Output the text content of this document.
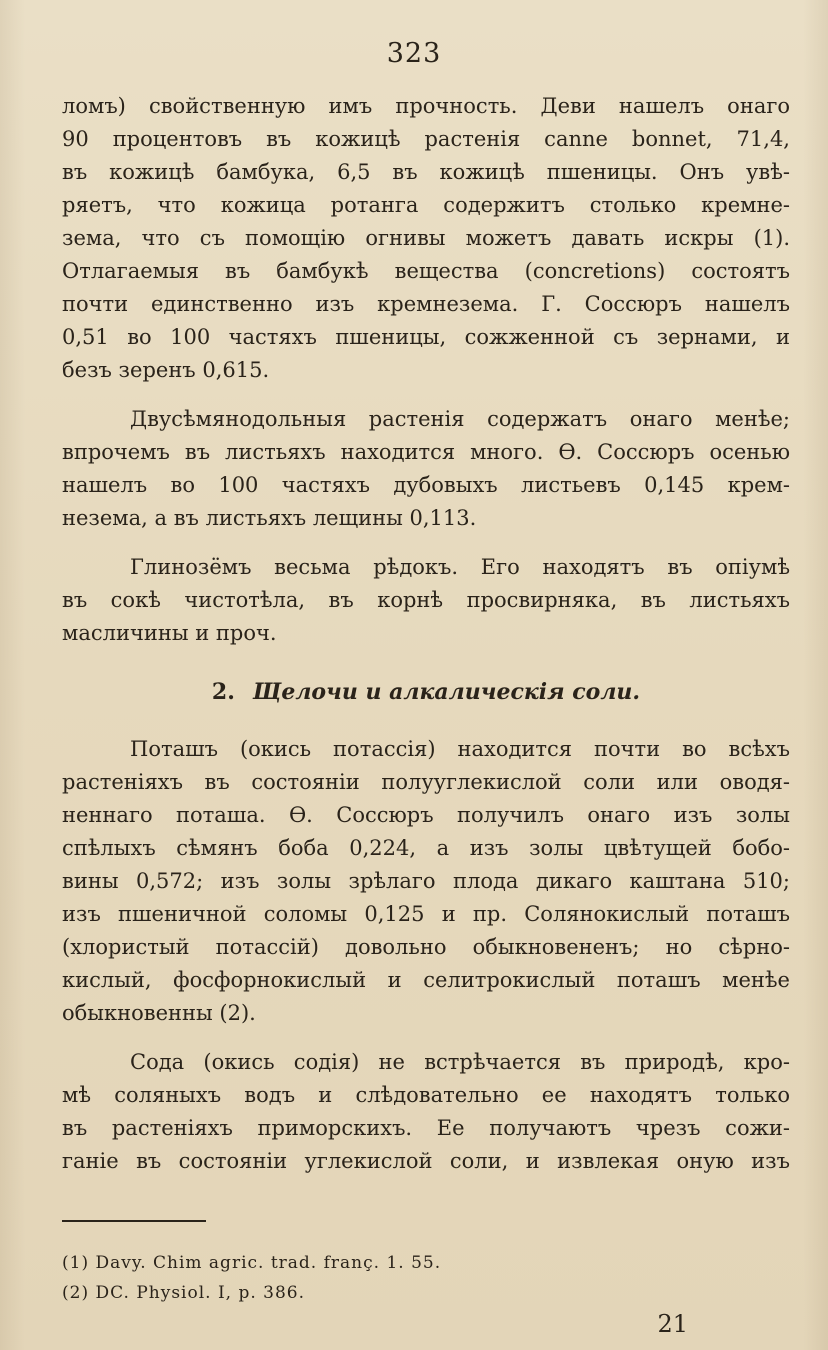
323
ломъ) свойственную имъ прочность. Деви нашелъ онаго
90 процентовъ въ кожицѣ растенія canne bonnet, 71,4,
въ кожицѣ бамбука, 6,5 въ кожицѣ пшеницы. Онъ увѣ-
ряетъ, что кожица ротанга содержитъ столько кремне-
зема, что съ помощію огнивы можетъ давать искры (1).
Отлагаемыя въ бамбукѣ вещества (concretions) состоятъ
почти единственно изъ кремнезема. Г. Соссюръ нашелъ
0,51 во 100 частяхъ пшеницы, сожженной съ зернами, и
безъ зеренъ 0,615.
Двусѣмянодольныя растенія содержатъ онаго менѣе;
впрочемъ въ листьяхъ находится много. Ѳ. Соссюръ осенью
нашелъ во 100 частяхъ дубовыхъ листьевъ 0,145 крем-
незема, а въ листьяхъ лещины 0,113.
Глинозёмъ весьма рѣдокъ. Его находятъ въ опіумѣ
въ сокѣ чистотѣла, въ корнѣ просвирняка, въ листьяхъ
масличины и проч.
2. Щелочи и алкалическія соли.
Поташъ (окись потассія) находится почти во всѣхъ
растеніяхъ въ состояніи полууглекислой соли или оводя-
неннаго поташа. Ѳ. Соссюръ получилъ онаго изъ золы
спѣлыхъ сѣмянъ боба 0,224, а изъ золы цвѣтущей бобо-
вины 0,572; изъ золы зрѣлаго плода дикаго каштана 510;
изъ пшеничной соломы 0,125 и пр. Солянокислый поташъ
(хлористый потассій) довольно обыкновененъ; но сѣрно-
кислый, фосфорнокислый и селитрокислый поташъ менѣе
обыкновенны (2).
Сода (окись содія) не встрѣчается въ природѣ, кро-
мѣ соляныхъ водъ и слѣдовательно ее находятъ только
въ растеніяхъ приморскихъ. Ее получаютъ чрезъ сожи-
ганіе въ состояніи углекислой соли, и извлекая оную изъ
(1) Davy. Chim agric. trad. franç. 1. 55.
(2) DC. Physiol. I, p. 386.
21
